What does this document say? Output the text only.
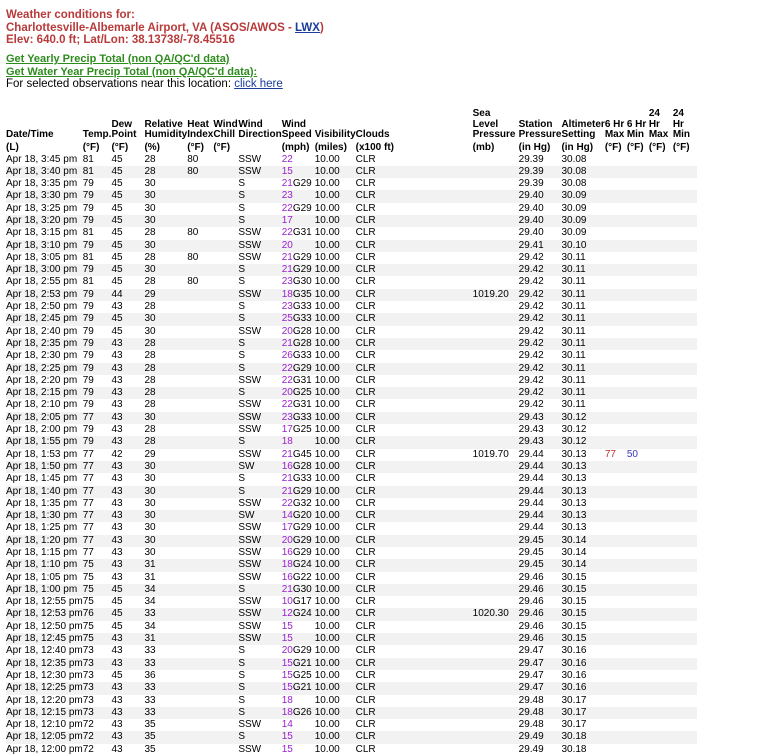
Weather conditions for:
Charlottesville-Albemarle Airport, VA (ASOS/AWOS - LWX)
Elev: 640.0 ft; Lat/Lon: 38.13738/-78.45516
Get Yearly Precip Total (non QA/QC'd data)
Get Water Year Precip Total (non QA/QC'd data):
For selected observations near this location: click here
Date/Time	Temp.	Dew Point	Relative Humidity	Heat Index	Wind Chill	Wind Direction	Wind Speed	Visibility	Clouds	Sea Level Pressure	Station Pressure	Altimeter Setting	6 Hr Max	6 Hr Min	24 Hr Max	24 Hr Min
(L)	(°F)	(°F)	(%)	(°F)	(°F)		(mph)	(miles)	(x100 ft)	(mb)	(in Hg)	(in Hg)	(°F)	(°F)	(°F)	(°F)
Apr 18, 3:45 pm	81	45	28	80		SSW	22	10.00	CLR		29.39	30.08				
Apr 18, 3:40 pm	81	45	28	80		SSW	15	10.00	CLR		29.39	30.08				
Apr 18, 3:35 pm	79	45	30			S	21G29	10.00	CLR		29.39	30.08				
Apr 18, 3:30 pm	79	45	30			S	23	10.00	CLR		29.40	30.09				
Apr 18, 3:25 pm	79	45	30			S	22G29	10.00	CLR		29.40	30.09				
Apr 18, 3:20 pm	79	45	30			S	17	10.00	CLR		29.40	30.09				
Apr 18, 3:15 pm	81	45	28	80		SSW	22G31	10.00	CLR		29.40	30.09				
Apr 18, 3:10 pm	79	45	30			SSW	20	10.00	CLR		29.41	30.10				
Apr 18, 3:05 pm	81	45	28	80		SSW	21G29	10.00	CLR		29.42	30.11				
Apr 18, 3:00 pm	79	45	30			S	21G29	10.00	CLR		29.42	30.11				
Apr 18, 2:55 pm	81	45	28	80		S	23G30	10.00	CLR		29.42	30.11				
Apr 18, 2:53 pm	79	44	29			SSW	18G35	10.00	CLR	1019.20	29.42	30.11				
Apr 18, 2:50 pm	79	43	28			S	23G33	10.00	CLR		29.42	30.11				
Apr 18, 2:45 pm	79	45	30			S	25G33	10.00	CLR		29.42	30.11				
Apr 18, 2:40 pm	79	45	30			SSW	20G28	10.00	CLR		29.42	30.11				
Apr 18, 2:35 pm	79	43	28			S	21G28	10.00	CLR		29.42	30.11				
Apr 18, 2:30 pm	79	43	28			S	26G33	10.00	CLR		29.42	30.11				
Apr 18, 2:25 pm	79	43	28			S	22G29	10.00	CLR		29.42	30.11				
Apr 18, 2:20 pm	79	43	28			SSW	22G31	10.00	CLR		29.42	30.11				
Apr 18, 2:15 pm	79	43	28			S	20G25	10.00	CLR		29.42	30.11				
Apr 18, 2:10 pm	79	43	28			SSW	22G31	10.00	CLR		29.42	30.11				
Apr 18, 2:05 pm	77	43	30			SSW	23G33	10.00	CLR		29.43	30.12				
Apr 18, 2:00 pm	79	43	28			SSW	17G25	10.00	CLR		29.43	30.12				
Apr 18, 1:55 pm	79	43	28			S	18	10.00	CLR		29.43	30.12				
Apr 18, 1:53 pm	77	42	29			SSW	21G45	10.00	CLR	1019.70	29.44	30.13	77	50		
Apr 18, 1:50 pm	77	43	30			SW	16G28	10.00	CLR		29.44	30.13				
Apr 18, 1:45 pm	77	43	30			S	21G33	10.00	CLR		29.44	30.13				
Apr 18, 1:40 pm	77	43	30			S	21G29	10.00	CLR		29.44	30.13				
Apr 18, 1:35 pm	77	43	30			SSW	22G32	10.00	CLR		29.44	30.13				
Apr 18, 1:30 pm	77	43	30			SW	14G20	10.00	CLR		29.44	30.13				
Apr 18, 1:25 pm	77	43	30			SSW	17G29	10.00	CLR		29.44	30.13				
Apr 18, 1:20 pm	77	43	30			SSW	20G29	10.00	CLR		29.45	30.14				
Apr 18, 1:15 pm	77	43	30			SSW	16G29	10.00	CLR		29.45	30.14				
Apr 18, 1:10 pm	75	43	31			SSW	18G24	10.00	CLR		29.45	30.14				
Apr 18, 1:05 pm	75	43	31			SSW	16G22	10.00	CLR		29.46	30.15				
Apr 18, 1:00 pm	75	45	34			S	21G30	10.00	CLR		29.46	30.15				
Apr 18, 12:55 pm	75	45	34			SSW	10G17	10.00	CLR		29.46	30.15				
Apr 18, 12:53 pm	76	45	33			SSW	12G24	10.00	CLR	1020.30	29.46	30.15				
Apr 18, 12:50 pm	75	45	34			SSW	15	10.00	CLR		29.46	30.15				
Apr 18, 12:45 pm	75	43	31			SSW	15	10.00	CLR		29.46	30.15				
Apr 18, 12:40 pm	73	43	33			S	20G29	10.00	CLR		29.47	30.16				
Apr 18, 12:35 pm	73	43	33			S	15G21	10.00	CLR		29.47	30.16				
Apr 18, 12:30 pm	73	45	36			S	15G25	10.00	CLR		29.47	30.16				
Apr 18, 12:25 pm	73	43	33			S	15G21	10.00	CLR		29.47	30.16				
Apr 18, 12:20 pm	73	43	33			S	18	10.00	CLR		29.48	30.17				
Apr 18, 12:15 pm	73	43	33			S	18G26	10.00	CLR		29.48	30.17				
Apr 18, 12:10 pm	72	43	35			SSW	14	10.00	CLR		29.48	30.17				
Apr 18, 12:05 pm	72	43	35			S	15	10.00	CLR		29.49	30.18				
Apr 18, 12:00 pm	72	43	35			SSW	15	10.00	CLR		29.49	30.18				
